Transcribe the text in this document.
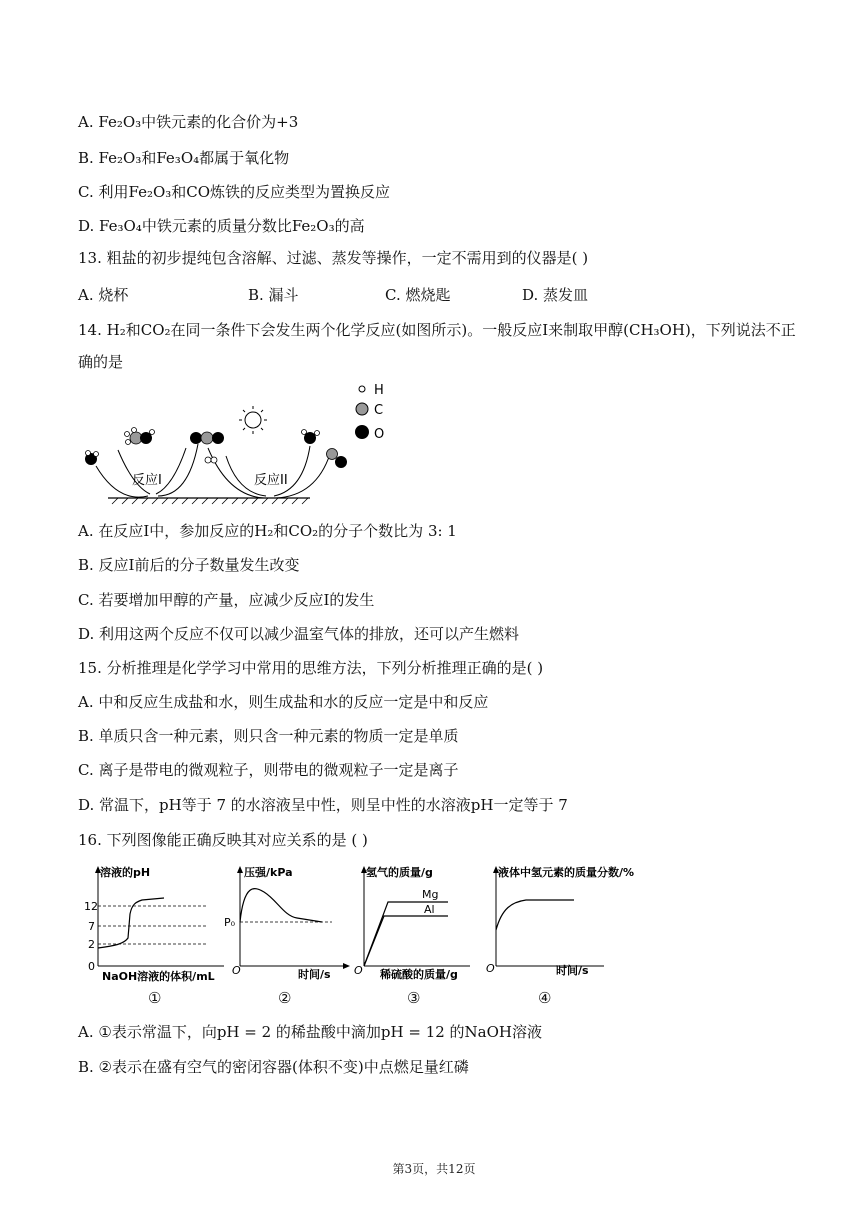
A. Fe₂O₃中铁元素的化合价为+3
B. Fe₂O₃和Fe₃O₄都属于氧化物
C. 利用Fe₂O₃和CO炼铁的反应类型为置换反应
D. Fe₃O₄中铁元素的质量分数比Fe₂O₃的高
13. 粗盐的初步提纯包含溶解、过滤、蒸发等操作，一定不需用到的仪器是( )
A. 烧杯	B. 漏斗	C. 燃烧匙	D. 蒸发皿
14. H₂和CO₂在同一条件下会发生两个化学反应(如图所示)。一般反应I来制取甲醇(CH₃OH)，下列说法不正
确的是
H
C
O
反应I	反应II
A. 在反应I中，参加反应的H₂和CO₂的分子个数比为 3: 1
B. 反应I前后的分子数量发生改变
C. 若要增加甲醇的产量，应减少反应I的发生
D. 利用这两个反应不仅可以减少温室气体的排放，还可以产生燃料
15. 分析推理是化学学习中常用的思维方法，下列分析推理正确的是( )
A. 中和反应生成盐和水，则生成盐和水的反应一定是中和反应
B. 单质只含一种元素，则只含一种元素的物质一定是单质
C. 离子是带电的微观粒子，则带电的微观粒子一定是离子
D. 常温下，pH等于 7 的水溶液呈中性，则呈中性的水溶液pH一定等于 7
16. 下列图像能正确反映其对应关系的是 ( )
溶液的pH
12
7
2
0
NaOH溶液的体积/mL
①
压强/kPa
P₀
O	时间/s
②
氢气的质量/g
Mg
Al
O 稀硫酸的质量/g
③
液体中氢元素的质量分数/%
O	时间/s
④
A. ①表示常温下，向pH = 2 的稀盐酸中滴加pH = 12 的NaOH溶液
B. ②表示在盛有空气的密闭容器(体积不变)中点燃足量红磷
第3页，共12页
